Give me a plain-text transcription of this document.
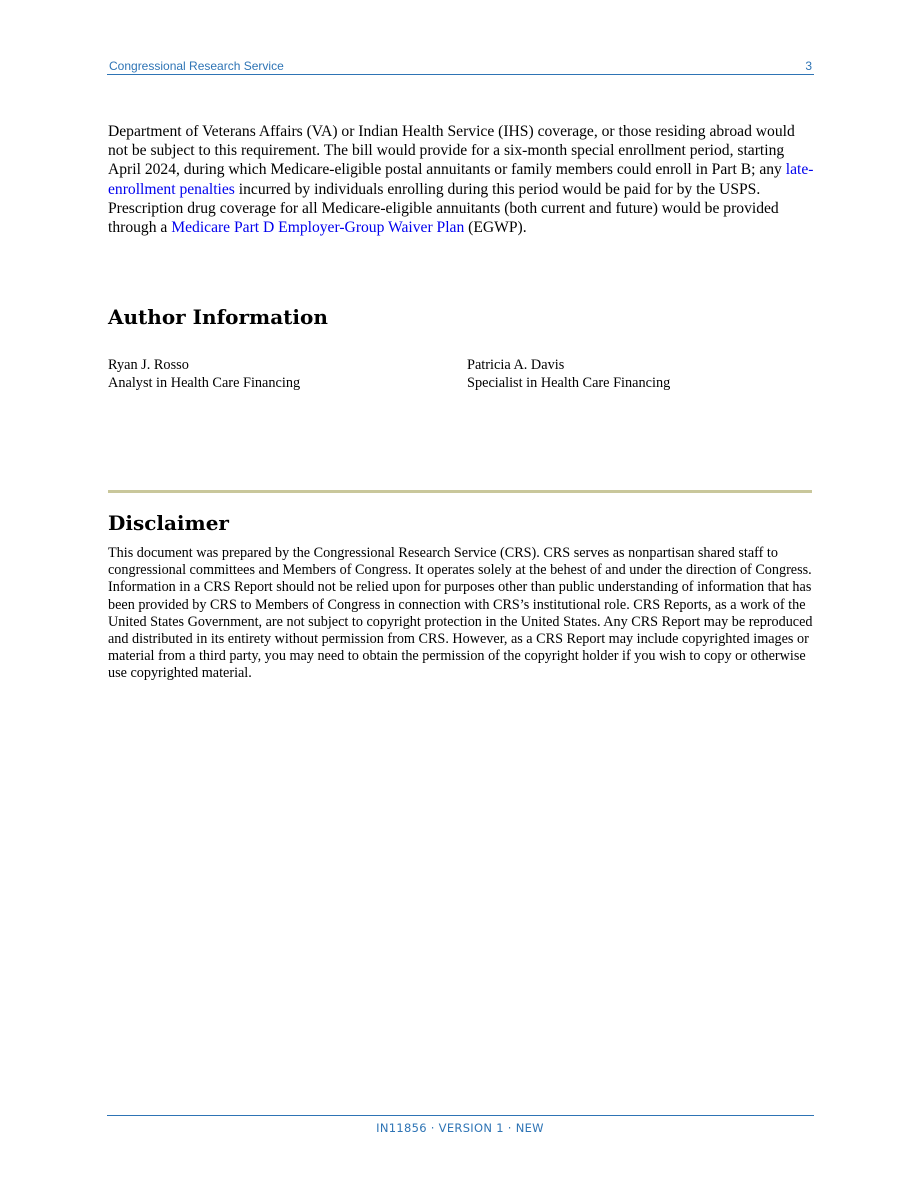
Congressional Research Service	3

Department of Veterans Affairs (VA) or Indian Health Service (IHS) coverage, or those residing abroad would not be subject to this requirement. The bill would provide for a six-month special enrollment period, starting April 2024, during which Medicare-eligible postal annuitants or family members could enroll in Part B; any late-enrollment penalties incurred by individuals enrolling during this period would be paid for by the USPS. Prescription drug coverage for all Medicare-eligible annuitants (both current and future) would be provided through a Medicare Part D Employer-Group Waiver Plan (EGWP).

Author Information
Ryan J. Rosso
Analyst in Health Care Financing
Patricia A. Davis
Specialist in Health Care Financing
Disclaimer

This document was prepared by the Congressional Research Service (CRS). CRS serves as nonpartisan shared staff to congressional committees and Members of Congress. It operates solely at the behest of and under the direction of Congress. Information in a CRS Report should not be relied upon for purposes other than public understanding of information that has been provided by CRS to Members of Congress in connection with CRS’s institutional role. CRS Reports, as a work of the United States Government, are not subject to copyright protection in the United States. Any CRS Report may be reproduced and distributed in its entirety without permission from CRS. However, as a CRS Report may include copyrighted images or material from a third party, you may need to obtain the permission of the copyright holder if you wish to copy or otherwise use copyrighted material.

IN11856 · VERSION 1 · NEW
